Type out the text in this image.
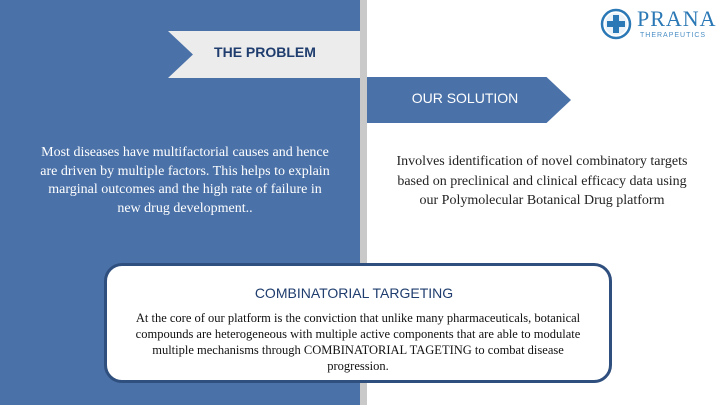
THE PROBLEM
OUR SOLUTION
Most diseases have multifactorial causes and hence are driven by multiple factors. This helps to explain marginal outcomes and the high rate of failure in new drug development..
Involves identification of novel combinatory targets based on preclinical and clinical efficacy data using our Polymolecular Botanical Drug platform
PRANA
THERAPEUTICS
COMBINATORIAL TARGETING
At the core of our platform is the conviction that unlike many pharmaceuticals, botanical compounds are heterogeneous with multiple active components that are able to modulate multiple mechanisms through COMBINATORIAL TAGETING to combat disease progression.
